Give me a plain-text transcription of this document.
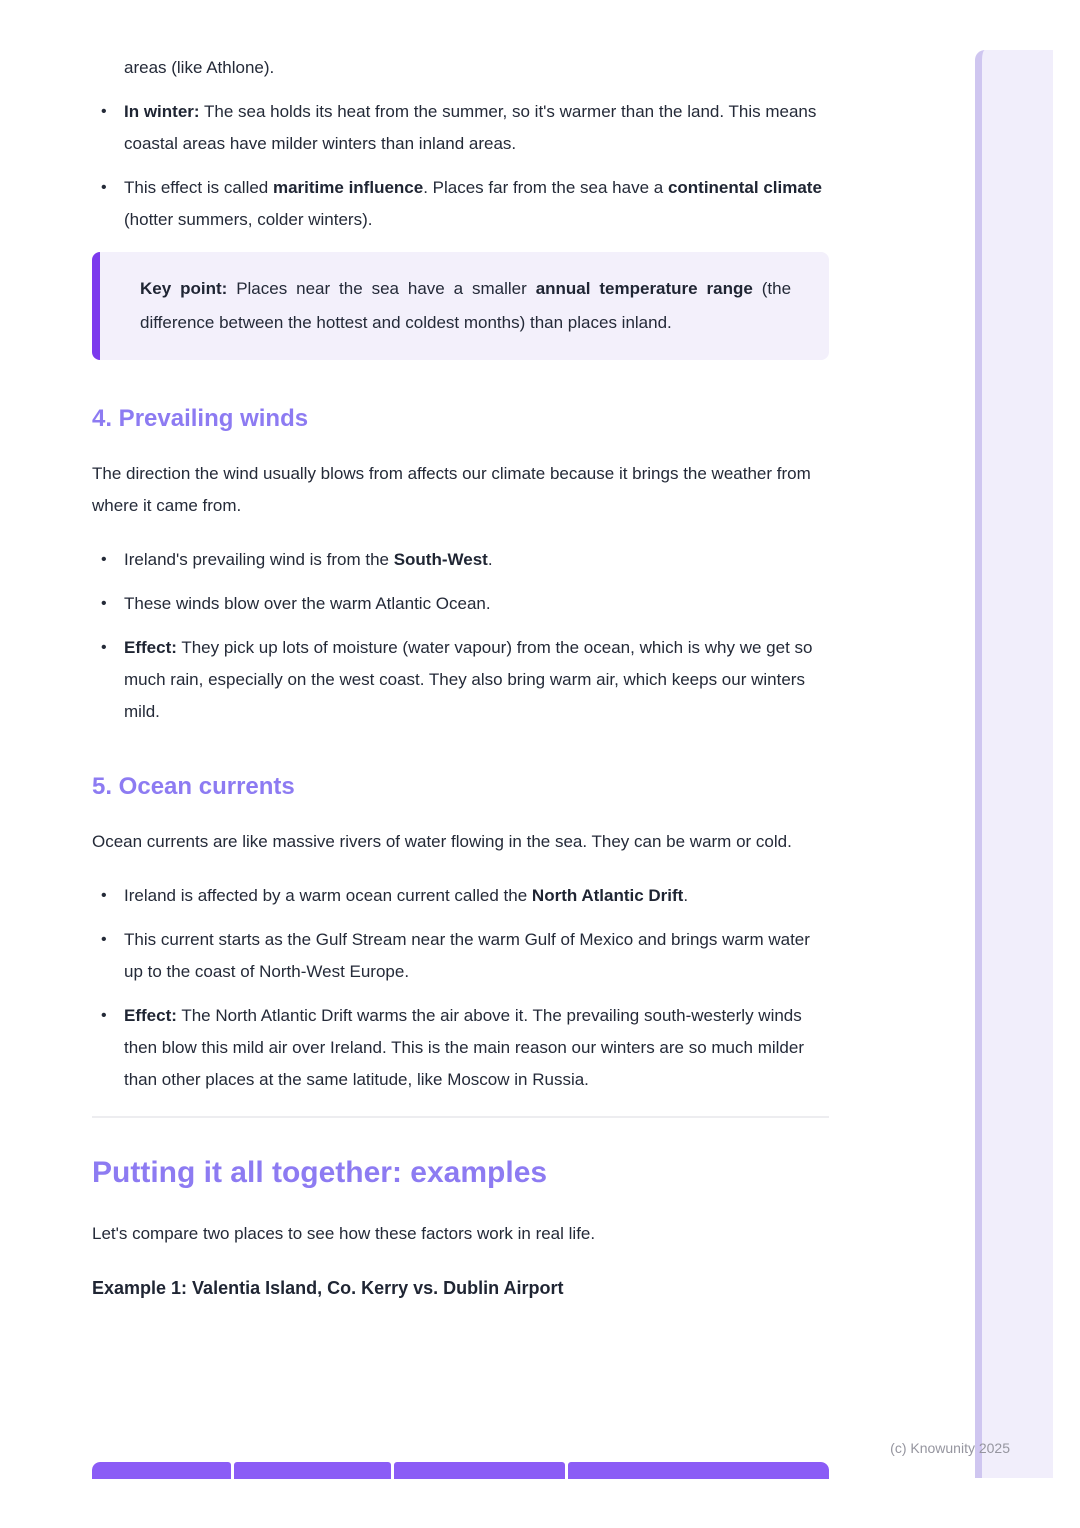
areas (like Athlone).
• In winter: The sea holds its heat from the summer, so it's warmer than the land. This means coastal areas have milder winters than inland areas.
• This effect is called maritime influence. Places far from the sea have a continental climate (hotter summers, colder winters).
Key point: Places near the sea have a smaller annual temperature range (the difference between the hottest and coldest months) than places inland.
4. Prevailing winds

The direction the wind usually blows from affects our climate because it brings the weather from where it came from.

• Ireland's prevailing wind is from the South-West.
• These winds blow over the warm Atlantic Ocean.
• Effect: They pick up lots of moisture (water vapour) from the ocean, which is why we get so much rain, especially on the west coast. They also bring warm air, which keeps our winters mild.
5. Ocean currents

Ocean currents are like massive rivers of water flowing in the sea. They can be warm or cold.

• Ireland is affected by a warm ocean current called the North Atlantic Drift.
• This current starts as the Gulf Stream near the warm Gulf of Mexico and brings warm water up to the coast of North-West Europe.
• Effect: The North Atlantic Drift warms the air above it. The prevailing south-westerly winds then blow this mild air over Ireland. This is the main reason our winters are so much milder than other places at the same latitude, like Moscow in Russia.
Putting it all together: examples

Let's compare two places to see how these factors work in real life.

Example 1: Valentia Island, Co. Kerry vs. Dublin Airport
(c) Knowunity 2025
